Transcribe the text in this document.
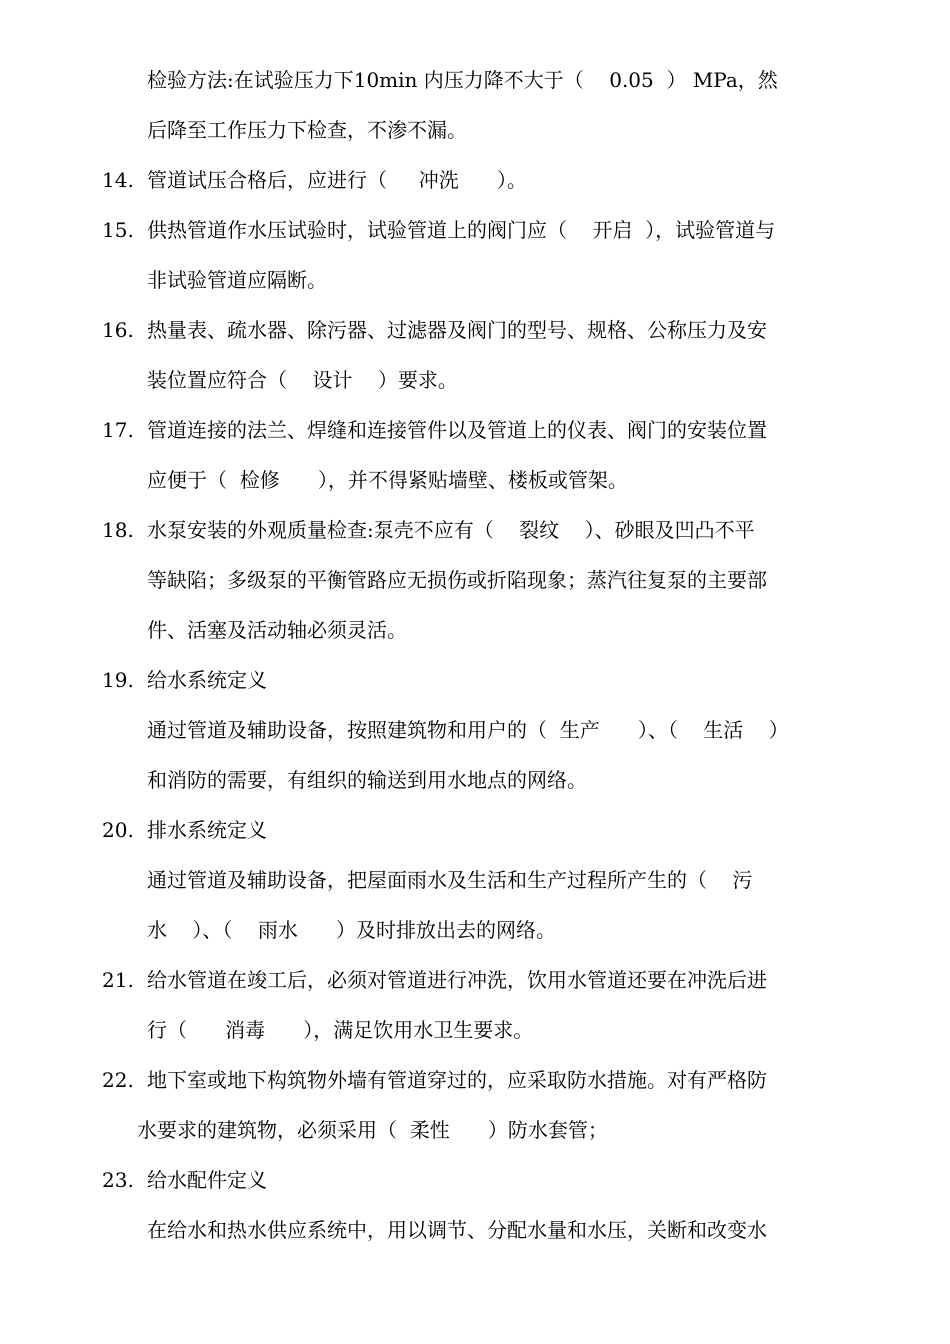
检验方法:在试验压力下10min 内压力降不大于（    0.05  ） MPa，然
后降至工作压力下检查，不渗不漏。
14. 管道试压合格后，应进行（     冲洗      ）。
15. 供热管道作水压试验时，试验管道上的阀门应（    开启  ），试验管道与
非试验管道应隔断。
16. 热量表、疏水器、除污器、过滤器及阀门的型号、规格、公称压力及安
装位置应符合（    设计    ）要求。
17. 管道连接的法兰、焊缝和连接管件以及管道上的仪表、阀门的安装位置
应便于（  检修      ），并不得紧贴墙壁、楼板或管架。
18. 水泵安装的外观质量检查:泵壳不应有（    裂纹    ）、砂眼及凹凸不平
等缺陷；多级泵的平衡管路应无损伤或折陷现象；蒸汽往复泵的主要部
件、活塞及活动轴必须灵活。
19. 给水系统定义
通过管道及辅助设备，按照建筑物和用户的（  生产      ）、（    生活    ）
和消防的需要，有组织的输送到用水地点的网络。
20. 排水系统定义
通过管道及辅助设备，把屋面雨水及生活和生产过程所产生的（    污
水    ）、（    雨水      ）及时排放出去的网络。
21. 给水管道在竣工后，必须对管道进行冲洗，饮用水管道还要在冲洗后进
行（      消毒      ），满足饮用水卫生要求。
22. 地下室或地下构筑物外墙有管道穿过的，应采取防水措施。对有严格防
水要求的建筑物，必须采用（  柔性      ）防水套管；
23. 给水配件定义
在给水和热水供应系统中，用以调节、分配水量和水压，关断和改变水
